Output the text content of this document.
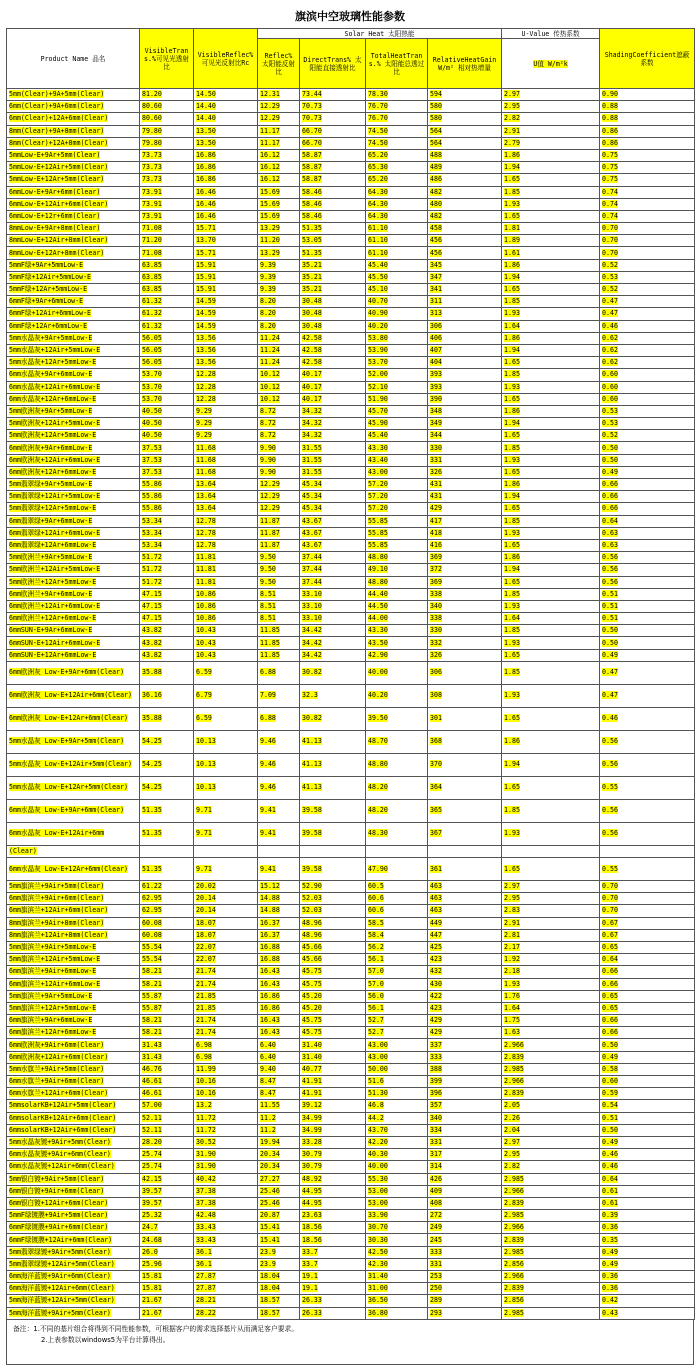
旗滨中空玻璃性能参数
Product Name 品名	VisibleTrans.%可见光透射比	VisibleReflec%可见光反射比Rc	Solar Heat 太阳热能				U-Value 传热系数	ShadingCoefficient遮蔽系数
			Reflec% 太阳能反射比	DirectTrans% 太阳能直接透射比	TotalHeatTrans.% 太阳能总透过比	RelativeHeatGain W/m² 相对热增量	U值 W/m²k	
5mm(Clear)+9A+5mm(Clear)	81.20	14.50	12.31	73.44	78.30	594	2.97	0.90
6mm(Clear)+9A+6mm(Clear)	80.60	14.40	12.29	70.73	76.70	580	2.95	0.88
6mm(Clear)+12A+6mm(Clear)	80.60	14.40	12.29	70.73	76.70	580	2.82	0.88
8mm(Clear)+9A+8mm(Clear)	79.80	13.50	11.17	66.70	74.50	564	2.91	0.86
8mm(Clear)+12A+8mm(Clear)	79.80	13.50	11.17	66.70	74.50	564	2.79	0.86
5mmLow-E+9Ar+5mm(Clear)	73.73	16.86	16.12	58.87	65.20	488	1.86	0.75
5mmLow-E+12Air+5mm(Clear)	73.73	16.86	16.12	58.87	65.30	489	1.94	0.75
5mmLow-E+12Ar+5mm(Clear)	73.73	16.86	16.12	58.87	65.20	486	1.65	0.75
6mmLow-E+9Ar+6mm(Clear)	73.91	16.46	15.69	58.46	64.30	482	1.85	0.74
6mmLow-E+12Air+6mm(Clear)	73.91	16.46	15.69	58.46	64.30	480	1.93	0.74
6mmLow-E+12r+6mm(Clear)	73.91	16.46	15.69	58.46	64.30	482	1.65	0.74
8mmLow-E+9Ar+8mm(Clear)	71.08	15.71	13.29	51.35	61.10	458	1.81	0.70
8mmLow-E+12Air+8mm(Clear)	71.20	13.70	11.20	53.05	61.10	456	1.89	0.70
8mmLow-E+12Ar+8mm(Clear)	71.08	15.71	13.29	51.35	61.10	456	1.61	0.70
5mmF绿+9Ar+5mmLow-E	63.85	15.91	9.39	35.21	45.40	345	1.86	0.52
5mmF绿+12Air+5mmLow-E	63.85	15.91	9.39	35.21	45.50	347	1.94	0.53
5mmF绿+12Ar+5mmLow-E	63.85	15.91	9.39	35.21	45.10	341	1.65	0.52
6mmF绿+9Ar+6mmLow-E	61.32	14.59	8.20	30.48	40.70	311	1.85	0.47
6mmF绿+12Air+6mmLow-E	61.32	14.59	8.20	30.48	40.90	313	1.93	0.47
6mmF绿+12Ar+6mmLow-E	61.32	14.59	8.20	30.48	40.20	306	1.64	0.46
5mm水晶灰+9Ar+5mmLow-E	56.05	13.56	11.24	42.58	53.80	406	1.86	0.62
5mm水晶灰+12Air+5mmLow-E	56.05	13.56	11.24	42.58	53.90	407	1.94	0.62
5mm水晶灰+12Ar+5mmLow-E	56.05	13.56	11.24	42.58	53.70	404	1.65	0.62
6mm水晶灰+9Ar+6mmLow-E	53.70	12.28	10.12	40.17	52.00	393	1.85	0.60
6mm水晶灰+12Air+6mmLow-E	53.70	12.28	10.12	40.17	52.10	393	1.93	0.60
6mm水晶灰+12Ar+6mmLow-E	53.70	12.28	10.12	40.17	51.90	390	1.65	0.60
5mm欧洲灰+9Ar+5mmLow-E	40.50	9.29	8.72	34.32	45.70	348	1.86	0.53
5mm欧洲灰+12Air+5mmLow-E	40.50	9.29	8.72	34.32	45.90	349	1.94	0.53
5mm欧洲灰+12Ar+5mmLow-E	40.50	9.29	8.72	34.32	45.40	344	1.65	0.52
6mm欧洲灰+9Ar+6mmLow-E	37.53	11.68	9.90	31.55	43.30	330	1.85	0.50
6mm欧洲灰+12Air+6mmLow-E	37.53	11.68	9.90	31.55	43.40	331	1.93	0.50
6mm欧洲灰+12Ar+6mmLow-E	37.53	11.68	9.90	31.55	43.00	326	1.65	0.49
5mm翡翠绿+9Ar+5mmLow-E	55.86	13.64	12.29	45.34	57.20	431	1.86	0.66
5mm翡翠绿+12Air+5mmLow-E	55.86	13.64	12.29	45.34	57.20	431	1.94	0.66
5mm翡翠绿+12Ar+5mmLow-E	55.86	13.64	12.29	45.34	57.20	429	1.65	0.66
6mm翡翠绿+9Ar+6mmLow-E	53.34	12.78	11.87	43.67	55.85	417	1.85	0.64
6mm翡翠绿+12Air+6mmLow-E	53.34	12.78	11.87	43.67	55.85	418	1.93	0.63
6mm翡翠绿+12Ar+6mmLow-E	53.34	12.78	11.87	43.67	55.85	416	1.65	0.63
5mm欧洲兰+9Ar+5mmLow-E	51.72	11.81	9.50	37.44	48.80	369	1.86	0.56
5mm欧洲兰+12Air+5mmLow-E	51.72	11.81	9.50	37.44	49.10	372	1.94	0.56
5mm欧洲兰+12Ar+5mmLow-E	51.72	11.81	9.50	37.44	48.80	369	1.65	0.56
6mm欧洲兰+9Ar+6mmLow-E	47.15	10.86	8.51	33.10	44.40	338	1.85	0.51
6mm欧洲兰+12Air+6mmLow-E	47.15	10.86	8.51	33.10	44.50	340	1.93	0.51
6mm欧洲兰+12Ar+6mmLow-E	47.15	10.86	8.51	33.10	44.00	338	1.64	0.51
6mmSUN-E+9Ar+6mmLow-E	43.82	10.43	11.85	34.42	43.30	330	1.85	0.50
6mmSUN-E+12Air+6mmLow-E	43.82	10.43	11.85	34.42	43.50	332	1.93	0.50
6mmSUN-E+12Ar+6mmLow-E	43.82	10.43	11.85	34.42	42.90	326	1.65	0.49
6mm欧洲灰 Low-E+9Ar+6mm(Clear)	35.88	6.59	6.88	30.82	40.00	306	1.85	0.47
6mm欧洲灰 Low-E+12Air+6mm(Clear)	36.16	6.79	7.09	32.3	40.20	308	1.93	0.47
6mm欧洲灰 Low-E+12Ar+6mm(Clear)	35.88	6.59	6.88	30.82	39.50	301	1.65	0.46
5mm水晶灰 Low-E+9Ar+5mm(Clear)	54.25	10.13	9.46	41.13	48.70	368	1.86	0.56
5mm水晶灰 Low-E+12Air+5mm(Clear)	54.25	10.13	9.46	41.13	48.80	370	1.94	0.56
5mm水晶灰 Low-E+12Ar+5mm(Clear)	54.25	10.13	9.46	41.13	48.20	364	1.65	0.55
6mm水晶灰 Low-E+9Ar+6mm(Clear)	51.35	9.71	9.41	39.58	48.20	365	1.85	0.56
6mm水晶灰 Low-E+12Air+6mm	51.35	9.71	9.41	39.58	48.30	367	1.93	0.56
(Clear)								
6mm水晶灰 Low-E+12Ar+6mm(Clear)	51.35	9.71	9.41	39.58	47.90	361	1.65	0.55
5mm旗滨兰+9Air+5mm(Clear)	61.22	20.02	15.12	52.90	60.5	463	2.97	0.70
6mm旗滨兰+9Air+6mm(Clear)	62.95	20.14	14.88	52.03	60.6	463	2.95	0.70
6mm旗滨兰+12Air+6mm(Clear)	62.95	20.14	14.88	52.03	60.6	463	2.83	0.70
8mm旗滨兰+9Air+8mm(Clear)	60.08	18.07	16.37	48.96	58.5	449	2.91	0.67
8mm旗滨兰+12Air+8mm(Clear)	60.08	18.07	16.37	48.96	58.4	447	2.81	0.67
5mm旗滨兰+9Air+5mmLow-E	55.54	22.07	16.88	45.66	56.2	425	2.17	0.65
5mm旗滨兰+12Air+5mmLow-E	55.54	22.07	16.88	45.66	56.1	423	1.92	0.64
6mm旗滨兰+9Air+6mmLow-E	58.21	21.74	16.43	45.75	57.0	432	2.18	0.66
6mm旗滨兰+12Air+6mmLow-E	58.21	21.74	16.43	45.75	57.0	430	1.93	0.66
5mm旗滨兰+9Ar+5mmLow-E	55.87	21.85	16.86	45.20	56.0	422	1.76	0.65
5mm旗滨兰+12Ar+5mmLow-E	55.87	21.85	16.86	45.20	56.1	423	1.64	0.65
6mm旗滨兰+9Ar+6mmLow-E	58.21	21.74	16.43	45.75	52.7	429	1.75	0.66
6mm旗滨兰+12Ar+6mmLow-E	58.21	21.74	16.43	45.75	52.7	429	1.63	0.66
6mm欧洲灰+9Air+6mm(Clear)	31.43	6.98	6.40	31.40	43.00	337	2.966	0.50
6mm欧洲灰+12Air+6mm(Clear)	31.43	6.98	6.40	31.40	43.00	333	2.839	0.49
5mm水旗兰+9Air+5mm(Clear)	46.76	11.99	9.40	40.77	50.00	388	2.985	0.58
6mm水旗兰+9Air+6mm(Clear)	46.61	10.16	8.47	41.91	51.6	399	2.966	0.60
6mm水旗兰+12Air+6mm(Clear)	46.61	10.16	8.47	41.91	51.30	396	2.839	0.59
5mmsolarKB+12Air+5mm(Clear)	57.00	13.2	11.55	39.12	46.8	357	2.05	0.54
6mmsolarKB+12Air+6mm(Clear)	52.11	11.72	11.2	34.99	44.2	340	2.26	0.51
6mmsolarKB+12Air+6mm(Clear)	52.11	11.72	11.2	34.99	43.70	334	2.04	0.50
5mm水晶灰镀+9Air+5mm(Clear)	28.20	30.52	19.94	33.28	42.20	331	2.97	0.49
6mm水晶灰镀+9Air+6mm(Clear)	25.74	31.90	20.34	30.79	40.30	317	2.95	0.46
6mm水晶灰镀+12Air+6mm(Clear)	25.74	31.90	20.34	30.79	40.00	314	2.82	0.46
5mm银白镀+9Air+5mm(Clear)	42.15	40.42	27.27	48.92	55.30	426	2.985	0.64
6mm银白镀+9Air+6mm(Clear)	39.57	37.38	25.46	44.95	53.00	409	2.966	0.61
6mm银白镀+12Air+6mm(Clear)	39.57	37.38	25.46	44.95	53.00	408	2.839	0.61
5mmF绿镀膜+9Air+5mm(Clear)	25.32	42.48	20.87	23.63	33.90	272	2.985	0.39
6mmF绿镀膜+9Air+6mm(Clear)	24.7	33.43	15.41	18.56	30.70	249	2.966	0.36
6mmF绿镀膜+12Air+6mm(Clear)	24.68	33.43	15.41	18.56	30.30	245	2.839	0.35
5mm翡翠绿镀+9Air+5mm(Clear)	26.0	36.1	23.9	33.7	42.50	333	2.985	0.49
5mm翡翠绿镀+12Air+5mm(Clear)	25.96	36.1	23.9	33.7	42.30	331	2.856	0.49
6mm海洋蓝镀+9Air+6mm(Clear)	15.81	27.87	18.04	19.1	31.40	253	2.966	0.36
6mm海洋蓝镀+12Air+6mm(Clear)	15.81	27.87	18.04	19.1	31.00	250	2.839	0.36
5mm海洋蓝镀+12Air+5mm(Clear)	21.67	28.21	18.57	26.33	36.50	289	2.856	0.42
5mm海洋蓝镀+9Air+5mm(Clear)	21.67	28.22	18.57	26.33	36.80	293	2.985	0.43
备注：1.不同的基片组合将得到不同性能参数，可根据客户的需求选择基片从而满足客户要求。
2.上表参数以windows5为平台计算得出。
